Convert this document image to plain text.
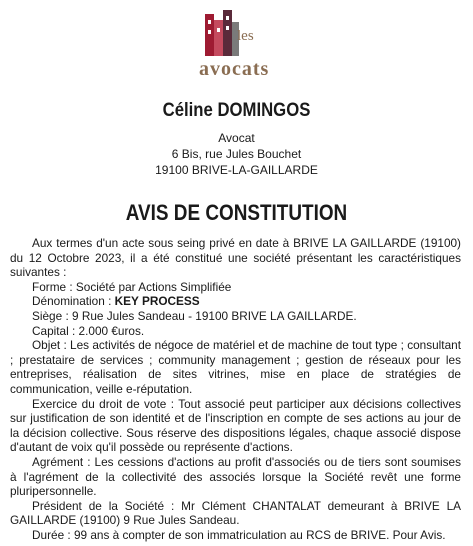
les
avocats
Céline DOMINGOS
Avocat
6 Bis, rue Jules Bouchet
19100 BRIVE-LA-GAILLARDE
AVIS DE CONSTITUTION

Aux termes d'un acte sous seing privé en date à BRIVE LA GAILLARDE (19100) du 12 Octobre 2023, il a été constitué une société présentant les caractéristiques suivantes :

Forme : Société par Actions Simplifiée

Dénomination : KEY PROCESS

Siège : 9 Rue Jules Sandeau - 19100 BRIVE LA GAILLARDE.

Capital : 2.000 €uros.

Objet : Les activités de négoce de matériel et de machine de tout type ; consultant ; prestataire de services ; community management ; gestion de réseaux pour les entreprises, réalisation de sites vitrines, mise en place de stratégies de communication, veille e-réputation.

Exercice du droit de vote : Tout associé peut participer aux décisions collectives sur justification de son identité et de l'inscription en compte de ses actions au jour de la décision collective. Sous réserve des dispositions légales, chaque associé dispose d'autant de voix qu'il possède ou représente d'actions.

Agrément : Les cessions d'actions au profit d'associés ou de tiers sont soumises à l'agrément de la collectivité des associés lorsque la Société revêt une forme pluripersonnelle.

Président de la Société : Mr Clément CHANTALAT demeurant à BRIVE LA GAILLARDE (19100) 9 Rue Jules Sandeau.

Durée : 99 ans à compter de son immatriculation au RCS de BRIVE. Pour Avis.
